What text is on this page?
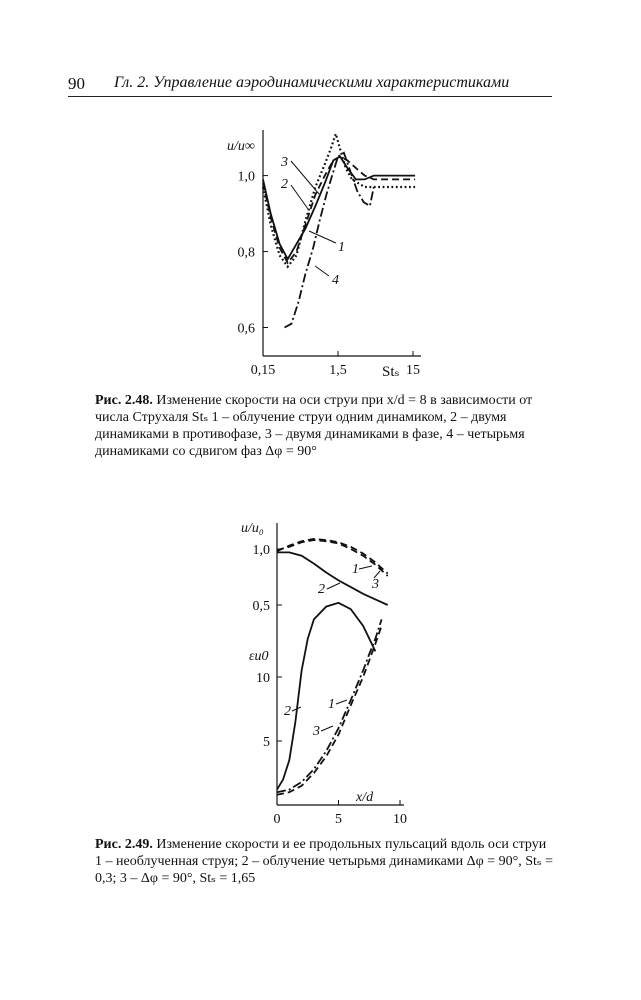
90 Гл. 2. Управление аэродинамическими характеристиками
0,6
0,8
1,0
0,15	1,5	15
Stₛ
u/u∞
1
2
3
4
Рис. 2.48. Изменение скорости на оси струи при x/d = 8 в зависимости от числа Струхаля Stₛ 1 – облучение струи одним динамиком, 2 – двумя динамиками в противофазе, 3 – двумя динамиками в фазе, 4 – четырьмя динамиками со сдвигом фаз Δφ = 90°
0,5
1,0
5
10
0	5	10
x/d
u/u₀
εu0
1
2	3
1
2
3
Рис. 2.49. Изменение скорости и ее продольных пульсаций вдоль оси струи 1 – необлученная струя; 2 – облучение четырьмя динамиками Δφ = 90°, Stₛ = 0,3; 3 – Δφ = 90°, Stₛ = 1,65
